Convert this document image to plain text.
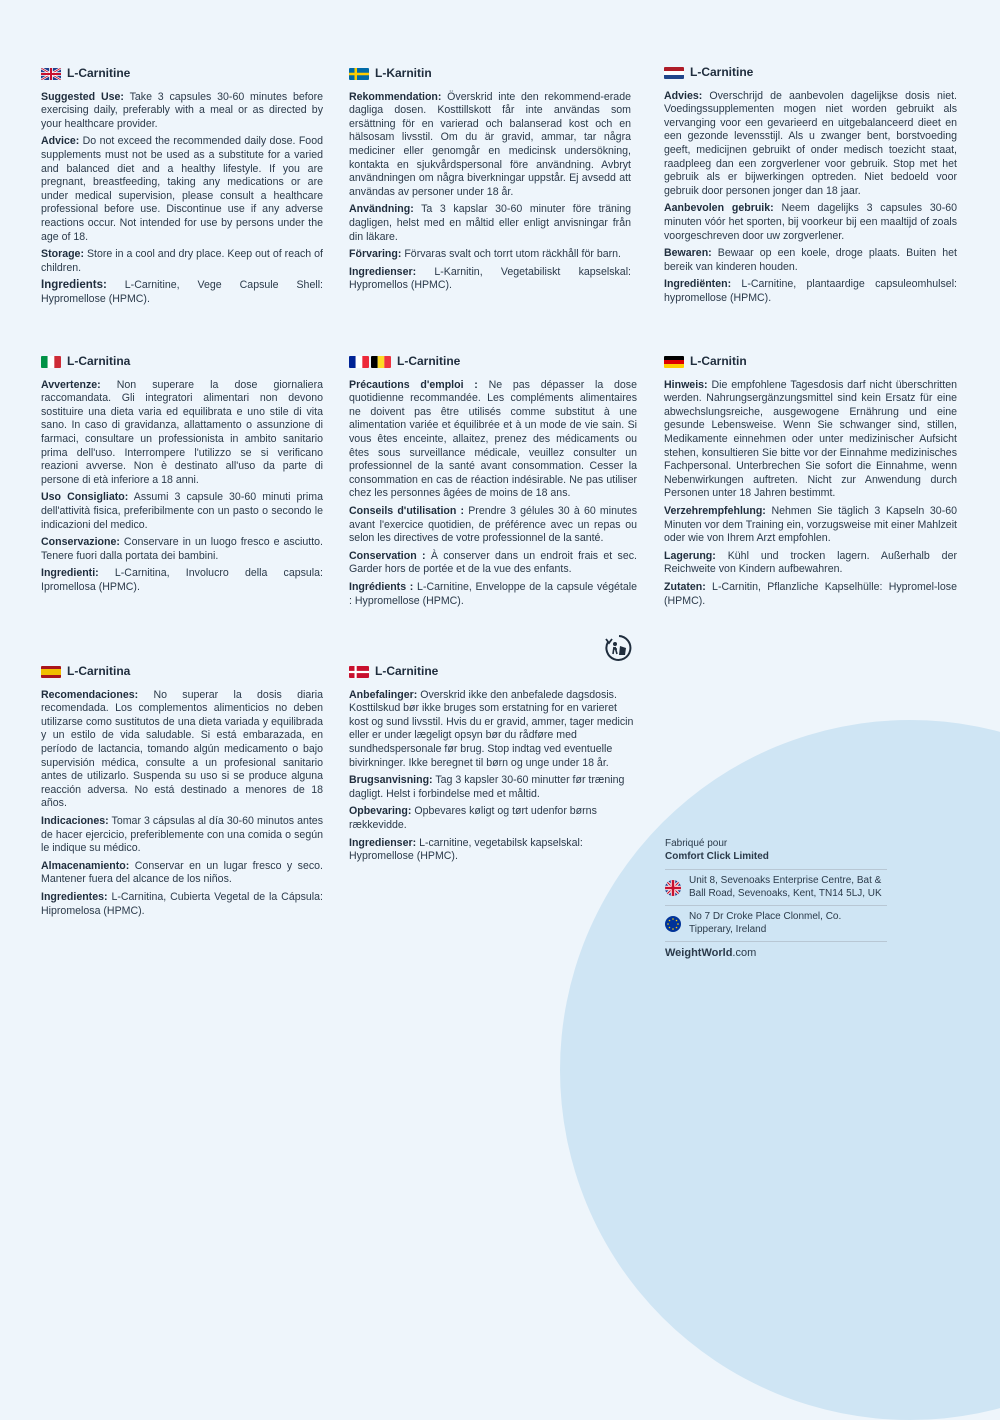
L-Carnitine

Suggested Use: Take 3 capsules 30-60 minutes before exercising daily, preferably with a meal or as directed by your healthcare provider.

Advice: Do not exceed the recommended daily dose. Food supplements must not be used as a substitute for a varied and balanced diet and a healthy lifestyle. If you are pregnant, breastfeeding, taking any medications or are under medical supervision, please consult a healthcare professional before use. Discontinue use if any adverse reactions occur. Not intended for use by persons under the age of 18.

Storage: Store in a cool and dry place. Keep out of reach of children.

Ingredients: L-Carnitine, Vege Capsule Shell: Hypromellose (HPMC).

L-Karnitin

Rekommendation: Överskrid inte den rekommend-erade dagliga dosen. Kosttillskott får inte användas som ersättning för en varierad och balanserad kost och en hälsosam livsstil. Om du är gravid, ammar, tar några mediciner eller genomgår en medicinsk undersökning, kontakta en sjukvårdspersonal före användning. Avbryt användningen om några biverkningar uppstår. Ej avsedd att användas av personer under 18 år.

Användning: Ta 3 kapslar 30-60 minuter före träning dagligen, helst med en måltid eller enligt anvisningar från din läkare.

Förvaring: Förvaras svalt och torrt utom räckhåll för barn.

Ingredienser: L-Karnitin, Vegetabiliskt kapselskal: Hypromellos (HPMC).

L-Carnitine

Advies: Overschrijd de aanbevolen dagelijkse dosis niet. Voedingssupplementen mogen niet worden gebruikt als vervanging voor een gevarieerd en uitgebalanceerd dieet en een gezonde levensstijl. Als u zwanger bent, borstvoeding geeft, medicijnen gebruikt of onder medisch toezicht staat, raadpleeg dan een zorgverlener voor gebruik. Stop met het gebruik als er bijwerkingen optreden. Niet bedoeld voor gebruik door personen jonger dan 18 jaar.

Aanbevolen gebruik: Neem dagelijks 3 capsules 30-60 minuten vóór het sporten, bij voorkeur bij een maaltijd of zoals voorgeschreven door uw zorgverlener.

Bewaren: Bewaar op een koele, droge plaats. Buiten het bereik van kinderen houden.

Ingrediënten: L-Carnitine, plantaardige capsuleomhulsel: hypromellose (HPMC).

L-Carnitina

Avvertenze: Non superare la dose giornaliera raccomandata. Gli integratori alimentari non devono sostituire una dieta varia ed equilibrata e uno stile di vita sano. In caso di gravidanza, allattamento o assunzione di farmaci, consultare un professionista in ambito sanitario prima dell'uso. Interrompere l'utilizzo se si verificano reazioni avverse. Non è destinato all'uso da parte di persone di età inferiore a 18 anni.

Uso Consigliato: Assumi 3 capsule 30-60 minuti prima dell'attività fisica, preferibilmente con un pasto o secondo le indicazioni del medico.

Conservazione: Conservare in un luogo fresco e asciutto. Tenere fuori dalla portata dei bambini.

Ingredienti: L-Carnitina, Involucro della capsula: Ipromellosa (HPMC).

L-Carnitine

Précautions d'emploi : Ne pas dépasser la dose quotidienne recommandée. Les compléments alimentaires ne doivent pas être utilisés comme substitut à une alimentation variée et équilibrée et à un mode de vie sain. Si vous êtes enceinte, allaitez, prenez des médicaments ou êtes sous surveillance médicale, veuillez consulter un professionnel de la santé avant consommation. Cesser la consommation en cas de réaction indésirable. Ne pas utiliser chez les personnes âgées de moins de 18 ans.

Conseils d'utilisation : Prendre 3 gélules 30 à 60 minutes avant l'exercice quotidien, de préférence avec un repas ou selon les directives de votre professionnel de la santé.

Conservation : À conserver dans un endroit frais et sec. Garder hors de portée et de la vue des enfants.

Ingrédients : L-Carnitine, Enveloppe de la capsule végétale : Hypromellose (HPMC).

L-Carnitin

Hinweis: Die empfohlene Tagesdosis darf nicht überschritten werden. Nahrungsergänzungsmittel sind kein Ersatz für eine abwechslungsreiche, ausgewogene Ernährung und eine gesunde Lebensweise. Wenn Sie schwanger sind, stillen, Medikamente einnehmen oder unter medizinischer Aufsicht stehen, konsultieren Sie bitte vor der Einnahme medizinisches Fachpersonal. Unterbrechen Sie sofort die Einnahme, wenn Nebenwirkungen auftreten. Nicht zur Anwendung durch Personen unter 18 Jahren bestimmt.

Verzehrempfehlung: Nehmen Sie täglich 3 Kapseln 30-60 Minuten vor dem Training ein, vorzugsweise mit einer Mahlzeit oder wie von Ihrem Arzt empfohlen.

Lagerung: Kühl und trocken lagern. Außerhalb der Reichweite von Kindern aufbewahren.

Zutaten: L-Carnitin, Pflanzliche Kapselhülle: Hypromel-lose (HPMC).

L-Carnitina

Recomendaciones: No superar la dosis diaria recomendada. Los complementos alimenticios no deben utilizarse como sustitutos de una dieta variada y equilibrada y un estilo de vida saludable. Si está embarazada, en período de lactancia, tomando algún medicamento o bajo supervisión médica, consulte a un profesional sanitario antes de utilizarlo. Suspenda su uso si se produce alguna reacción adversa. No está destinado a menores de 18 años.

Indicaciones: Tomar 3 cápsulas al día 30-60 minutos antes de hacer ejercicio, preferiblemente con una comida o según le indique su médico.

Almacenamiento: Conservar en un lugar fresco y seco. Mantener fuera del alcance de los niños.

Ingredientes: L-Carnitina, Cubierta Vegetal de la Cápsula: Hipromelosa (HPMC).

L-Carnitine

Anbefalinger: Overskrid ikke den anbefalede dagsdosis. Kosttilskud bør ikke bruges som erstatning for en varieret kost og sund livsstil. Hvis du er gravid, ammer, tager medicin eller er under lægeligt opsyn bør du rådføre med sundhedspersonale før brug. Stop indtag ved eventuelle bivirkninger. Ikke beregnet til børn og unge under 18 år.

Brugsanvisning: Tag 3 kapsler 30-60 minutter før træning dagligt. Helst i forbindelse med et måltid.

Opbevaring: Opbevares køligt og tørt udenfor børns rækkevidde.

Ingredienser: L-carnitine, vegetabilsk kapselskal: Hypromellose (HPMC).

Fabriqué pour

Comfort Click Limited

Unit 8, Sevenoaks Enterprise Centre, Bat & Ball Road, Sevenoaks, Kent, TN14 5LJ, UK
No 7 Dr Croke Place Clonmel, Co. Tipperary, Ireland
WeightWorld.com
